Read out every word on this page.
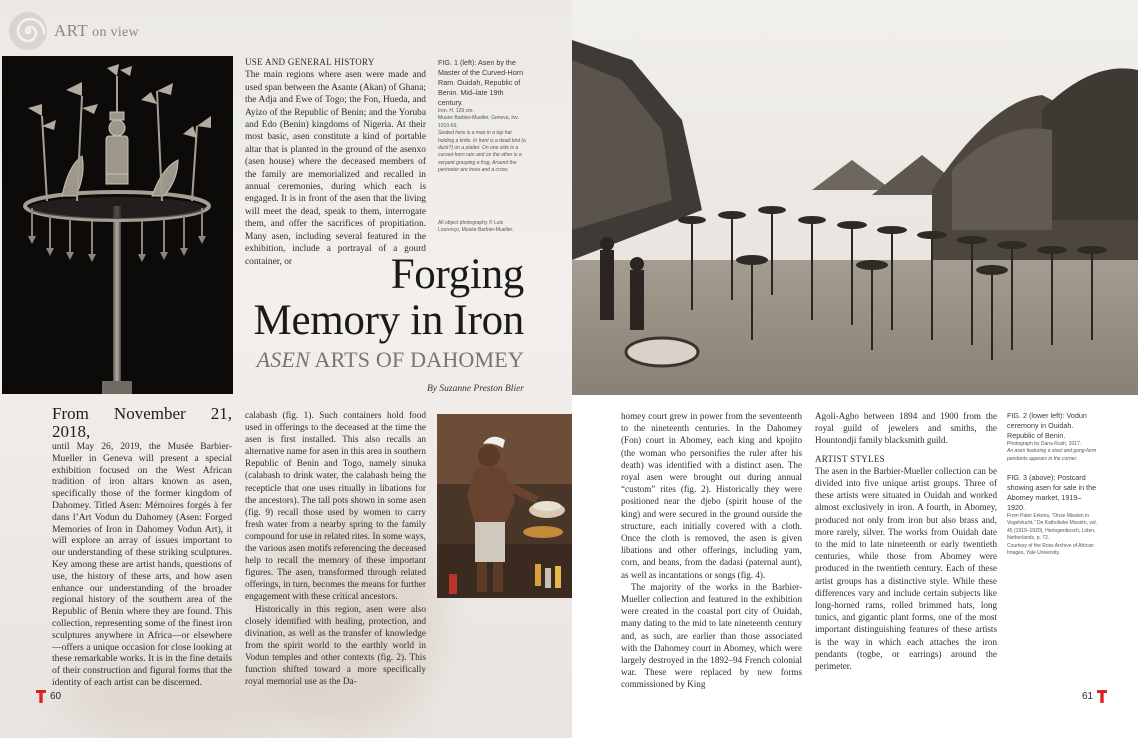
ART on view
USE AND GENERAL HISTORY

The main regions where asen were made and used span between the Asante (Akan) of Ghana; the Adja and Ewe of Togo; the Fon, Hueda, and Ayizo of the Republic of Benin; and the Yoruba and Edo (Benin) kingdoms of Nigeria. At their most basic, asen constitute a kind of portable altar that is planted in the ground of the asenxo (asen house) where the deceased members of the family are memorialized and recalled in annual ceremonies, during which each is engaged. It is in front of the asen that the living will meet the dead, speak to them, interrogate them, and offer the sacrifices of propitiation. Many asen, including several featured in the exhibition, include a portrayal of a gourd container, or

FIG. 1 (left): Asen by the Master of the Curved-Horn Ram. Ouidah, Republic of Benin. Mid–late 19th century.
Iron. H. 129 cm.
Musée Barbier-Mueller, Geneva, inv. 1010-69.
Seated here is a man in a top hat holding a knife. In front is a dead bird (a duck?) on a platter. On one side is a curved-horn ram and on the other is a serpent grasping a frog. Around the perimeter are trees and a cross.
All object photography © Luis Lourenço, Musée Barbier-Mueller.
Forging
Memory in Iron
ASEN ARTS OF DAHOMEY
By Suzanne Preston Blier
From November 21, 2018,

until May 26, 2019, the Musée Barbier-Mueller in Geneva will present a special exhibition focused on the West African tradition of iron altars known as asen, specifically those of the former kingdom of Dahomey. Titled Asen: Mémoires forgés à fer dans l’Art Vodun du Dahomey (Asen: Forged Memories of Iron in Dahomey Vodun Art), it will explore an array of issues important to our understanding of these striking sculptures. Key among these are artist hands, questions of use, the history of these arts, and how asen enhance our understanding of the broader regional history of the southern area of the Republic of Benin where they are found. This collection, representing some of the finest iron sculptures anywhere in Africa—or elsewhere—offers a unique occasion for close looking at these remarkable works. It is in the fine details of their construction and figural forms that the identity of each artist can be discerned.

calabash (fig. 1). Such containers hold food used in offerings to the deceased at the time the asen is first installed. This also recalls an alternative name for asen in this area in southern Republic of Benin and Togo, namely sinuka (calabash to drink water, the calabash being the recepticle that one uses ritually in libations for the ancestors). The tall pots shown in some asen (fig. 9) recall those used by women to carry fresh water from a nearby spring to the family compound for use in related rites. In some ways, the various asen motifs referencing the deceased help to recall the memory of these important figures. The asen, transformed through related offerings, in turn, becomes the means for further engagement with these critical ancestors.

Historically in this region, asen were also closely identified with healing, protection, and divination, as well as the transfer of knowledge from the spirit world to the earthly world in Vodun temples and other contexts (fig. 2). This function shifted toward a more specifically royal memorial use as the Da-

60

homey court grew in power from the seventeenth to the nineteenth centuries. In the Dahomey (Fon) court in Abomey, each king and kpojito (the woman who personifies the ruler after his death) was identified with a distinct asen. The royal asen were brought out during annual “custom” rites (fig. 2). Historically they were positioned near the djebo (spirit house of the king) and were secured in the ground outside the structure, each initially covered with a cloth. Once the cloth is removed, the asen is given libations and other offerings, including yam, corn, and beans, from the dadasi (paternal aunt), as well as incantations or songs (fig. 4).

The majority of the works in the Barbier-Mueller collection and featured in the exhibition were created in the coastal port city of Ouidah, many dating to the mid to late nineteenth century and, as such, are earlier than those associated with the Dahomey court in Abomey, which were largely destroyed in the 1892–94 French colonial war. These were replaced by new forms commissioned by King

Agoli-Agbo between 1894 and 1900 from the royal guild of jewelers and smiths, the Hountondji family blacksmith guild.

ARTIST STYLES

The asen in the Barbier-Mueller collection can be divided into five unique artist groups. Three of these artists were situated in Ouidah and worked almost exclusively in iron. A fourth, in Abomey, produced not only from iron but also brass and, more rarely, silver. The works from Ouidah date to the mid to late nineteenth or early twentieth centuries, while those from Abomey were produced in the twentieth century. Each of these artist groups has a distinctive style. While these differences vary and include certain subjects like long-horned rams, rolled brimmed hats, long tunics, and gigantic plant forms, one of the most important distinguishing features of these artists is the way in which each attaches the iron pendants (togbe, or earrings) around the perimeter.

FIG. 2 (lower left): Vodun ceremony in Ouidah. Republic of Benin.
Photograph by Dana Rush, 2017.
An asen featuring a stool and gong-form pendants appears in the corner.
FIG. 3 (above): Postcard showing asen for sale in the Abomey market, 1919–1920.
From Pater Erkens, “Onze Missien in Vogelvlucht,” De Katholieke Missién, vol. 45 (1919–1920), Hertogenbosch, Liden, Netherlands, p. 72.
Courtesy of the Ross Archive of African Images, Yale University.
61
